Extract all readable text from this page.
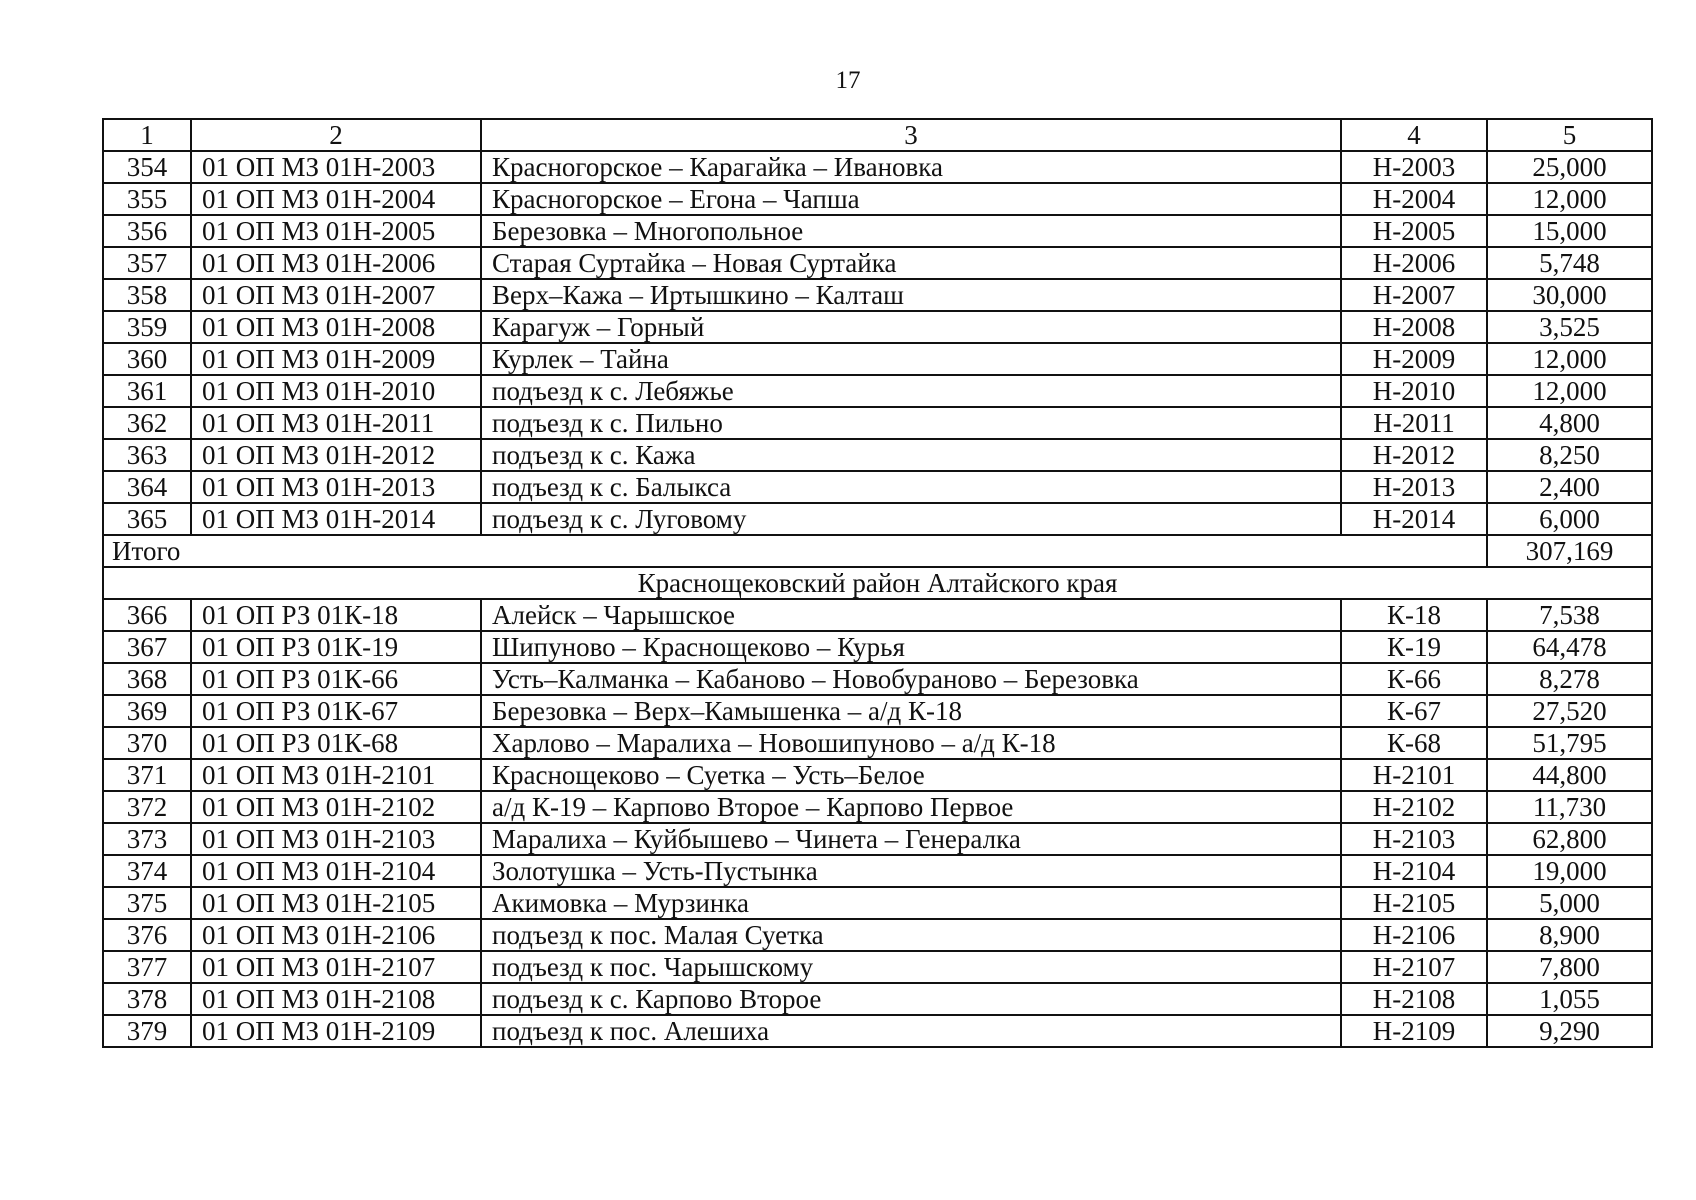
17
1	2	3	4	5
354	01 ОП МЗ 01Н-2003	Красногорское – Карагайка – Ивановка	Н-2003	25,000
355	01 ОП МЗ 01Н-2004	Красногорское – Егона – Чапша	Н-2004	12,000
356	01 ОП МЗ 01Н-2005	Березовка – Многопольное	Н-2005	15,000
357	01 ОП МЗ 01Н-2006	Старая Суртайка – Новая Суртайка	Н-2006	5,748
358	01 ОП МЗ 01Н-2007	Верх–Кажа – Иртышкино – Калташ	Н-2007	30,000
359	01 ОП МЗ 01Н-2008	Карагуж – Горный	Н-2008	3,525
360	01 ОП МЗ 01Н-2009	Курлек – Тайна	Н-2009	12,000
361	01 ОП МЗ 01Н-2010	подъезд к с. Лебяжье	Н-2010	12,000
362	01 ОП МЗ 01Н-2011	подъезд к с. Пильно	Н-2011	4,800
363	01 ОП МЗ 01Н-2012	подъезд к с. Кажа	Н-2012	8,250
364	01 ОП МЗ 01Н-2013	подъезд к с. Балыкса	Н-2013	2,400
365	01 ОП МЗ 01Н-2014	подъезд к с. Луговому	Н-2014	6,000
Итого				307,169
Краснощековский район Алтайского края				
366	01 ОП РЗ 01К-18	Алейск – Чарышское	К-18	7,538
367	01 ОП РЗ 01К-19	Шипуново – Краснощеково – Курья	К-19	64,478
368	01 ОП РЗ 01К-66	Усть–Калманка – Кабаново – Новобураново – Березовка	К-66	8,278
369	01 ОП РЗ 01К-67	Березовка – Верх–Камышенка – а/д К-18	К-67	27,520
370	01 ОП РЗ 01К-68	Харлово – Маралиха – Новошипуново – а/д К-18	К-68	51,795
371	01 ОП МЗ 01Н-2101	Краснощеково – Суетка – Усть–Белое	Н-2101	44,800
372	01 ОП МЗ 01Н-2102	а/д К-19 – Карпово Второе – Карпово Первое	Н-2102	11,730
373	01 ОП МЗ 01Н-2103	Маралиха – Куйбышево – Чинета – Генералка	Н-2103	62,800
374	01 ОП МЗ 01Н-2104	Золотушка – Усть-Пустынка	Н-2104	19,000
375	01 ОП МЗ 01Н-2105	Акимовка – Мурзинка	Н-2105	5,000
376	01 ОП МЗ 01Н-2106	подъезд к пос. Малая Суетка	Н-2106	8,900
377	01 ОП МЗ 01Н-2107	подъезд к пос. Чарышскому	Н-2107	7,800
378	01 ОП МЗ 01Н-2108	подъезд к с. Карпово Второе	Н-2108	1,055
379	01 ОП МЗ 01Н-2109	подъезд к пос. Алешиха	Н-2109	9,290
